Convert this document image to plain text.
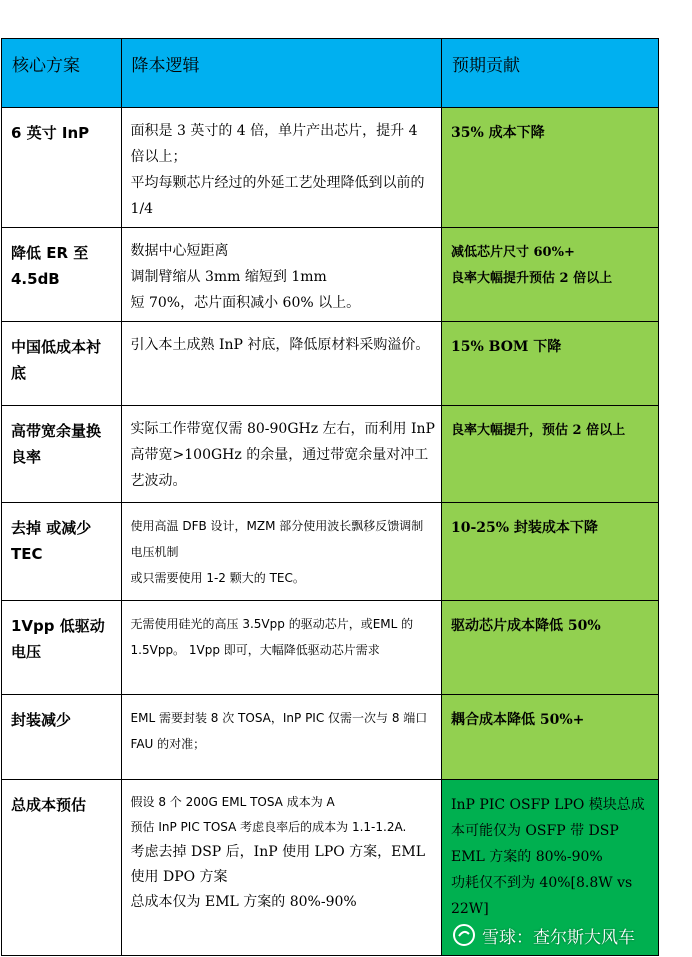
核心方案	降本逻辑	预期贡献

6 英寸 InP	面积是 3 英寸的 4 倍，单片产出芯片，提升 4 倍以上；
平均每颗芯片经过的外延工艺处理降低到以前的 1/4	35% 成本下降

降低 ER 至 4.5dB	数据中心短距离
调制臂缩从 3mm 缩短到 1mm
短 70%，芯片面积减小 60% 以上。	减低芯片尺寸 60%+
良率大幅提升预估 2 倍以上

中国低成本衬底	引入本土成熟 InP 衬底，降低原材料采购溢价。	15% BOM 下降

高带宽余量换良率	实际工作带宽仅需 80-90GHz 左右，而利用 InP 高带宽>100GHz 的余量，通过带宽余量对冲工艺波动。	良率大幅提升，预估 2 倍以上

去掉 或减少 TEC	使用高温 DFB 设计，MZM 部分使用波长飘移反馈调制电压机制
或只需要使用 1-2 颗大的 TEC。	10-25% 封装成本下降

1Vpp 低驱动电压	无需使用硅光的高压 3.5Vpp 的驱动芯片，或EML 的 1.5Vpp。 1Vpp 即可，大幅降低驱动芯片需求	驱动芯片成本降低 50%

封装减少	EML 需要封装 8 次 TOSA，InP PIC 仅需一次与 8 端口 FAU 的对准；	耦合成本降低 50%+

总成本预估	假设 8 个 200G EML TOSA 成本为 A
预估 InP PIC TOSA 考虑良率后的成本为 1.1-1.2A.
考虑去掉 DSP 后，InP 使用 LPO 方案，EML 使用 DPO 方案
总成本仅为 EML 方案的 80%-90%	InP PIC OSFP LPO 模块总成本可能仅为 OSFP 带 DSP EML 方案的 80%-90%
功耗仅不到为 40%[8.8W vs 22W]
雪球：查尔斯大风车
